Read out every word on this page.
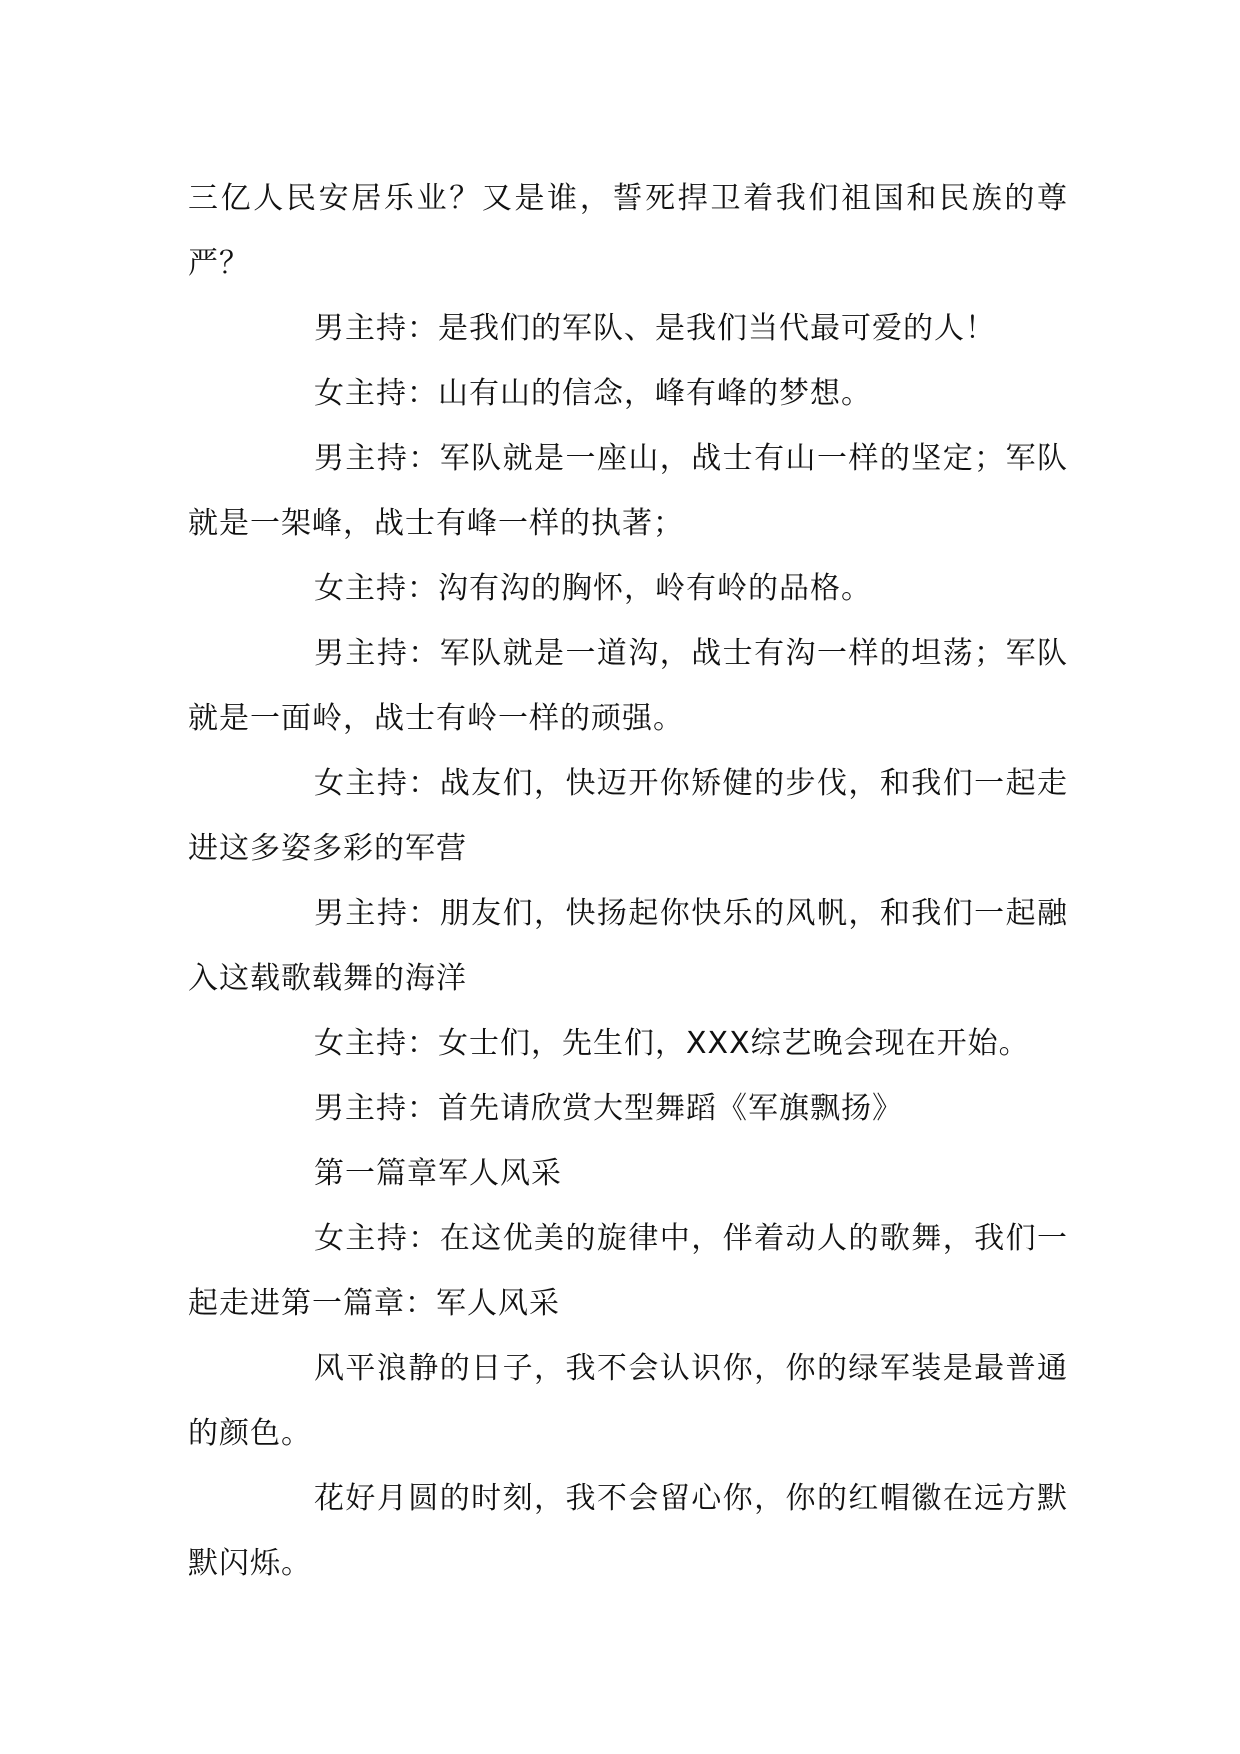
三亿人民安居乐业？又是谁，誓死捍卫着我们祖国和民族的尊严？

男主持：是我们的军队、是我们当代最可爱的人！

女主持：山有山的信念，峰有峰的梦想。

男主持：军队就是一座山，战士有山一样的坚定；军队就是一架峰，战士有峰一样的执著；

女主持：沟有沟的胸怀，岭有岭的品格。

男主持：军队就是一道沟，战士有沟一样的坦荡；军队就是一面岭，战士有岭一样的顽强。

女主持：战友们，快迈开你矫健的步伐，和我们一起走进这多姿多彩的军营

男主持：朋友们，快扬起你快乐的风帆，和我们一起融入这载歌载舞的海洋

女主持：女士们，先生们，XXX综艺晚会现在开始。

男主持：首先请欣赏大型舞蹈《军旗飘扬》

第一篇章军人风采

女主持：在这优美的旋律中，伴着动人的歌舞，我们一起走进第一篇章：军人风采

风平浪静的日子，我不会认识你，你的绿军装是最普通的颜色。

花好月圆的时刻，我不会留心你，你的红帽徽在远方默默闪烁。
